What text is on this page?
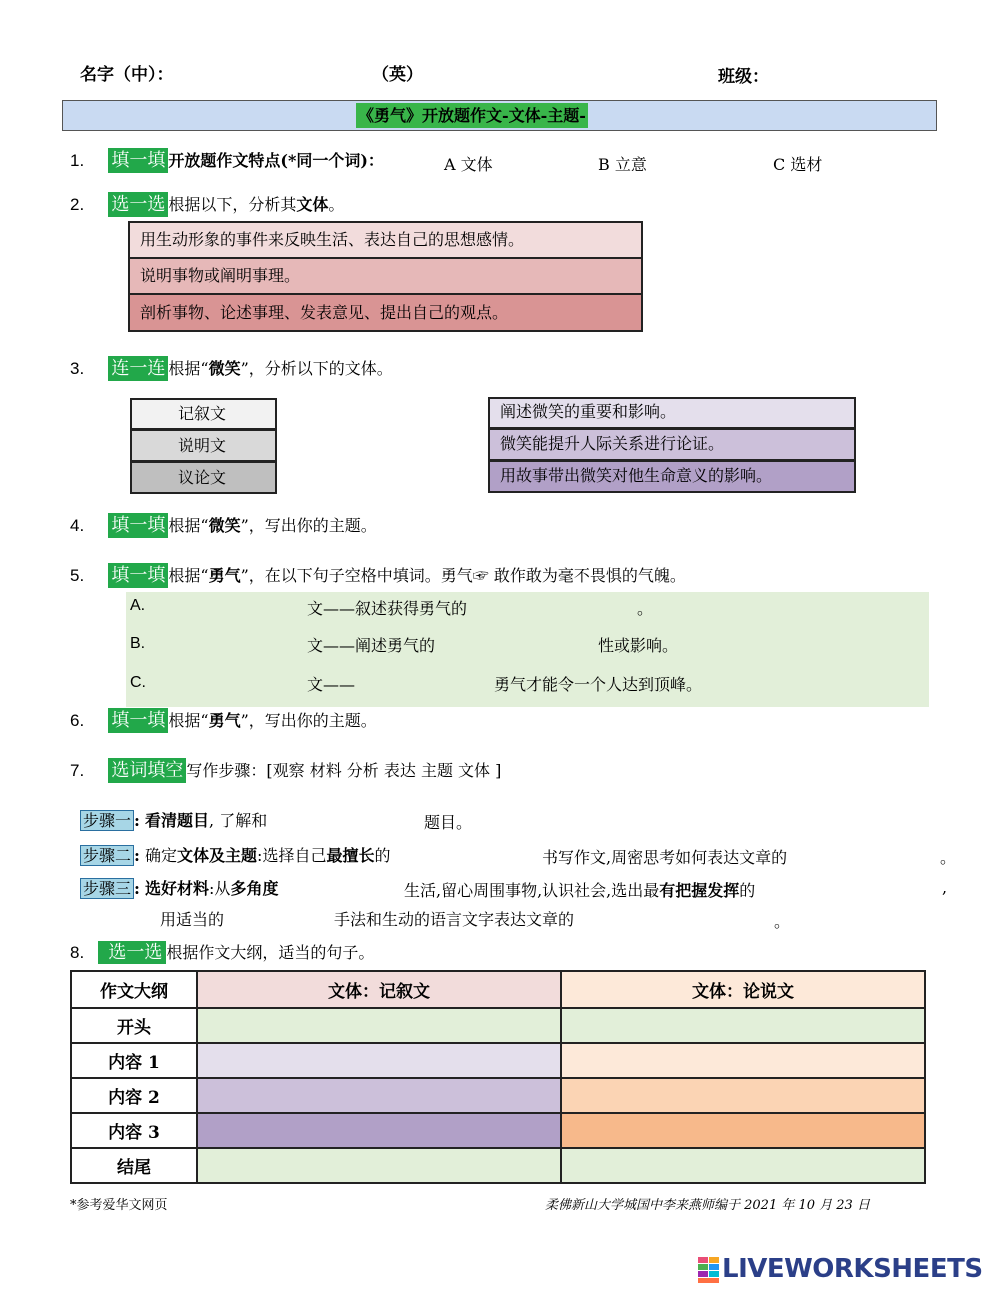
名字（中）：	（英）	班级：
《勇气》开放题作文-文体-主题-
1. 填一填 开放题作文特点(*同一个词)：	A 文体	B 立意	C 选材
2. 选一选 根据以下，分析其文体。
用生动形象的事件来反映生活、表达自己的思想感情。
说明事物或阐明事理。
剖析事物、论述事理、发表意见、提出自己的观点。
3. 连一连 根据“微笑”，分析以下的文体。
记叙文
说明文
议论文
阐述微笑的重要和影响。
微笑能提升人际关系进行论证。
用故事带出微笑对他生命意义的影响。
4. 填一填 根据“微笑”，写出你的主题。
5. 填一填 根据“勇气”，在以下句子空格中填词。勇气☞ 敢作敢为毫不畏惧的气魄。
A.	文——叙述获得勇气的	。
B.	文——阐述勇气的	性或影响。
C.	文——	勇气才能令一个人达到顶峰。
6. 填一填 根据“勇气”，写出你的主题。
7. 选词填空 写作步骤：[观察 材料 分析 表达 主题 文体 ]
步骤一 : 看清题目, 了解和	题目。
步骤二 : 确定文体及主题:选择自己最擅长的	书写作文,周密思考如何表达文章的	。
步骤三 : 选好材料:从多角度	生活,留心周围事物,认识社会,选出最有把握发挥的	,
用适当的	手法和生动的语言文字表达文章的	。
8. 选一选 根据作文大纲，适当的句子。
作文大纲	文体：记叙文	文体：论说文
开头		
内容 1		
内容 2		
内容 3		
结尾		
*参考爱华文网页	柔佛新山大学城国中李来燕师编于 2021 年 10 月 23 日
LIVEWORKSHEETS
